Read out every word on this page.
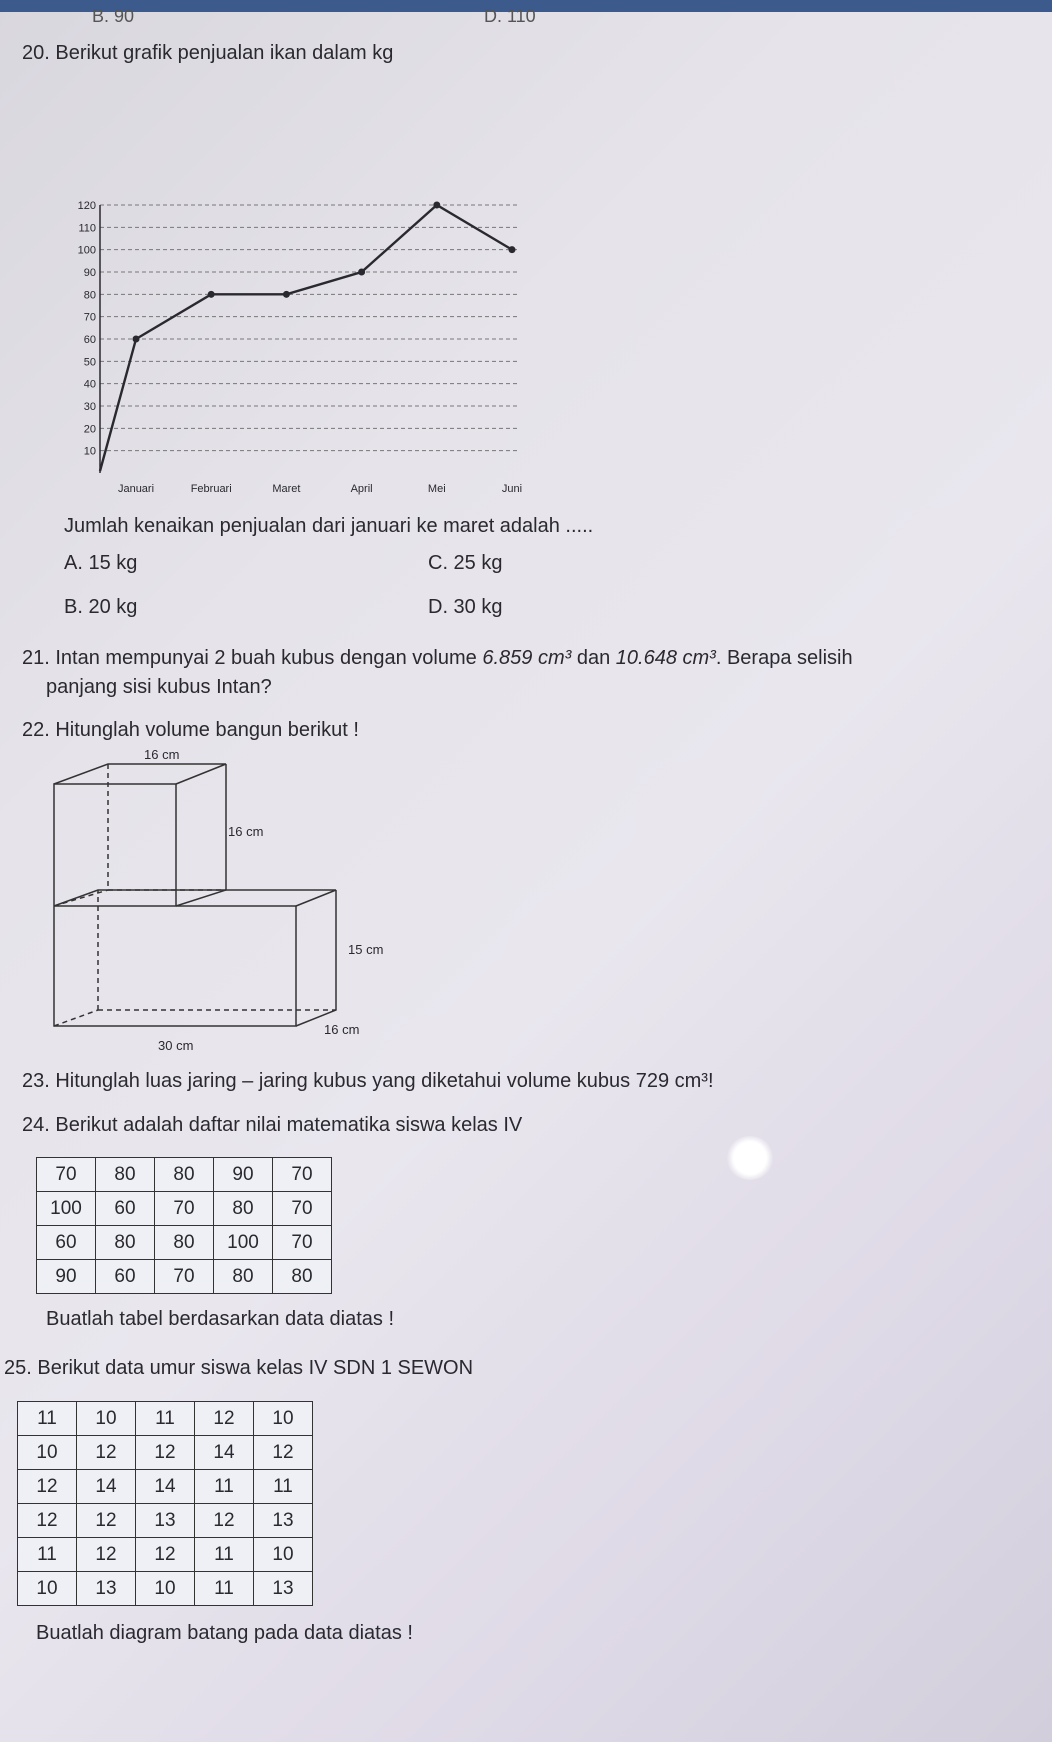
B. 90	D. 110
20. Berikut grafik penjualan ikan dalam kg
10
20
30
40
50
60
70
80
90
100
110
120
Januari	Februari	Maret	April	Mei	Juni
Jumlah kenaikan penjualan dari januari ke maret adalah .....
A. 15 kg	C. 25 kg
B. 20 kg	D. 30 kg
21. Intan mempunyai 2 buah kubus dengan volume 6.859 cm³ dan 10.648 cm³. Berapa selisih
panjang sisi kubus Intan?
22. Hitunglah volume bangun berikut !
16 cm
16 cm
15 cm
16 cm
30 cm
23. Hitunglah luas jaring – jaring kubus yang diketahui volume kubus 729 cm³!
24. Berikut adalah daftar nilai matematika siswa kelas IV
70	80	80	90	70
100	60	70	80	70
60	80	80	100	70
90	60	70	80	80
Buatlah tabel berdasarkan data diatas !
25. Berikut data umur siswa kelas IV SDN 1 SEWON
11	10	11	12	10
10	12	12	14	12
12	14	14	11	11
12	12	13	12	13
11	12	12	11	10
10	13	10	11	13
Buatlah diagram batang pada data diatas !
